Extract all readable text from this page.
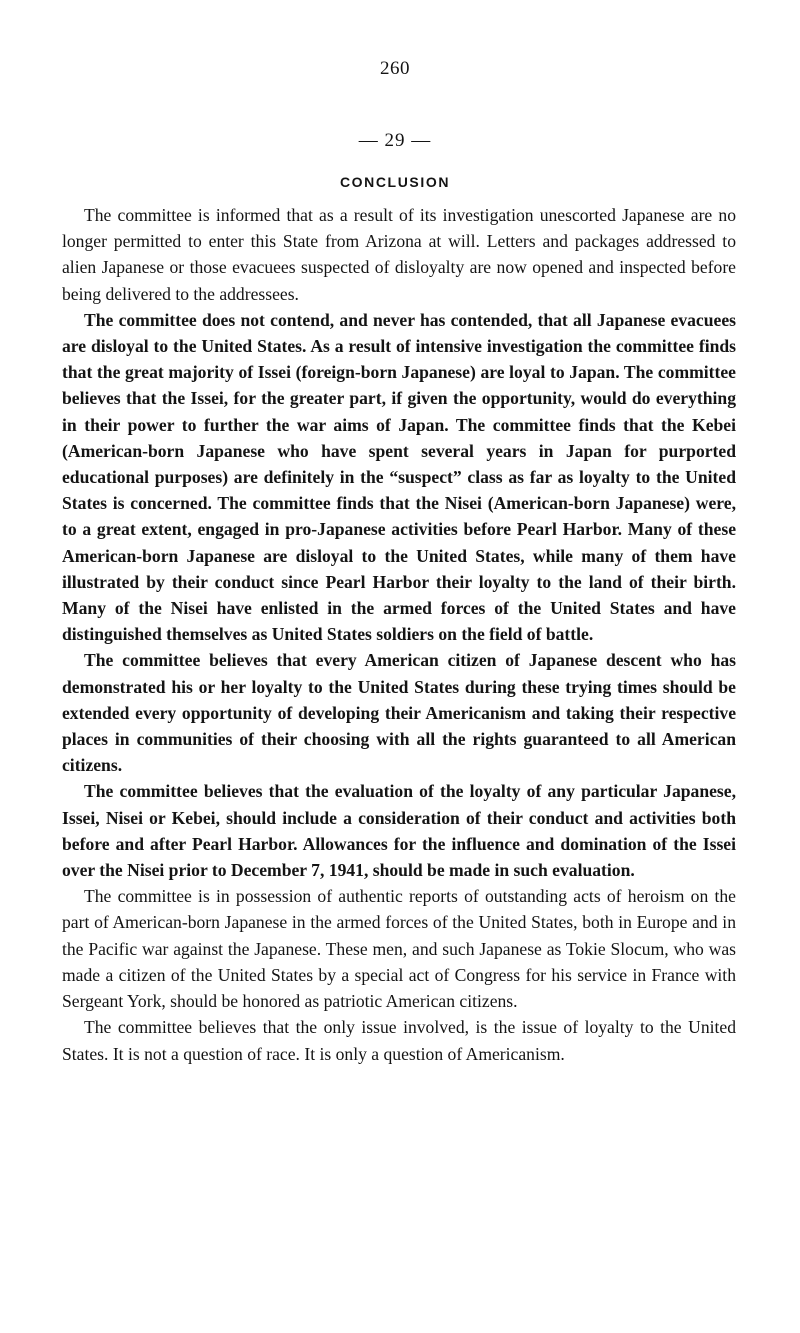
260
— 29 —
CONCLUSION

The committee is informed that as a result of its investigation unescorted Japanese are no longer permitted to enter this State from Arizona at will. Letters and packages addressed to alien Japanese or those evacuees suspected of disloyalty are now opened and inspected before being delivered to the addressees.

The committee does not contend, and never has contended, that all Japanese evacuees are disloyal to the United States. As a result of intensive investigation the committee finds that the great majority of Issei (foreign-born Japanese) are loyal to Japan. The committee believes that the Issei, for the greater part, if given the opportunity, would do everything in their power to further the war aims of Japan. The committee finds that the Kebei (American-born Japanese who have spent several years in Japan for purported educational purposes) are definitely in the “suspect” class as far as loyalty to the United States is concerned. The committee finds that the Nisei (American-born Japanese) were, to a great extent, engaged in pro-Japanese activities before Pearl Harbor. Many of these American-born Japanese are disloyal to the United States, while many of them have illustrated by their conduct since Pearl Harbor their loyalty to the land of their birth. Many of the Nisei have enlisted in the armed forces of the United States and have distinguished themselves as United States soldiers on the field of battle.

The committee believes that every American citizen of Japanese descent who has demonstrated his or her loyalty to the United States during these trying times should be extended every opportunity of developing their Americanism and taking their respective places in communities of their choosing with all the rights guaranteed to all American citizens.

The committee believes that the evaluation of the loyalty of any particular Japanese, Issei, Nisei or Kebei, should include a consideration of their conduct and activities both before and after Pearl Harbor. Allowances for the influence and domination of the Issei over the Nisei prior to December 7, 1941, should be made in such evaluation.

The committee is in possession of authentic reports of outstanding acts of heroism on the part of American-born Japanese in the armed forces of the United States, both in Europe and in the Pacific war against the Japanese. These men, and such Japanese as Tokie Slocum, who was made a citizen of the United States by a special act of Congress for his service in France with Sergeant York, should be honored as patriotic American citizens.

The committee believes that the only issue involved, is the issue of loyalty to the United States. It is not a question of race. It is only a question of Americanism.
